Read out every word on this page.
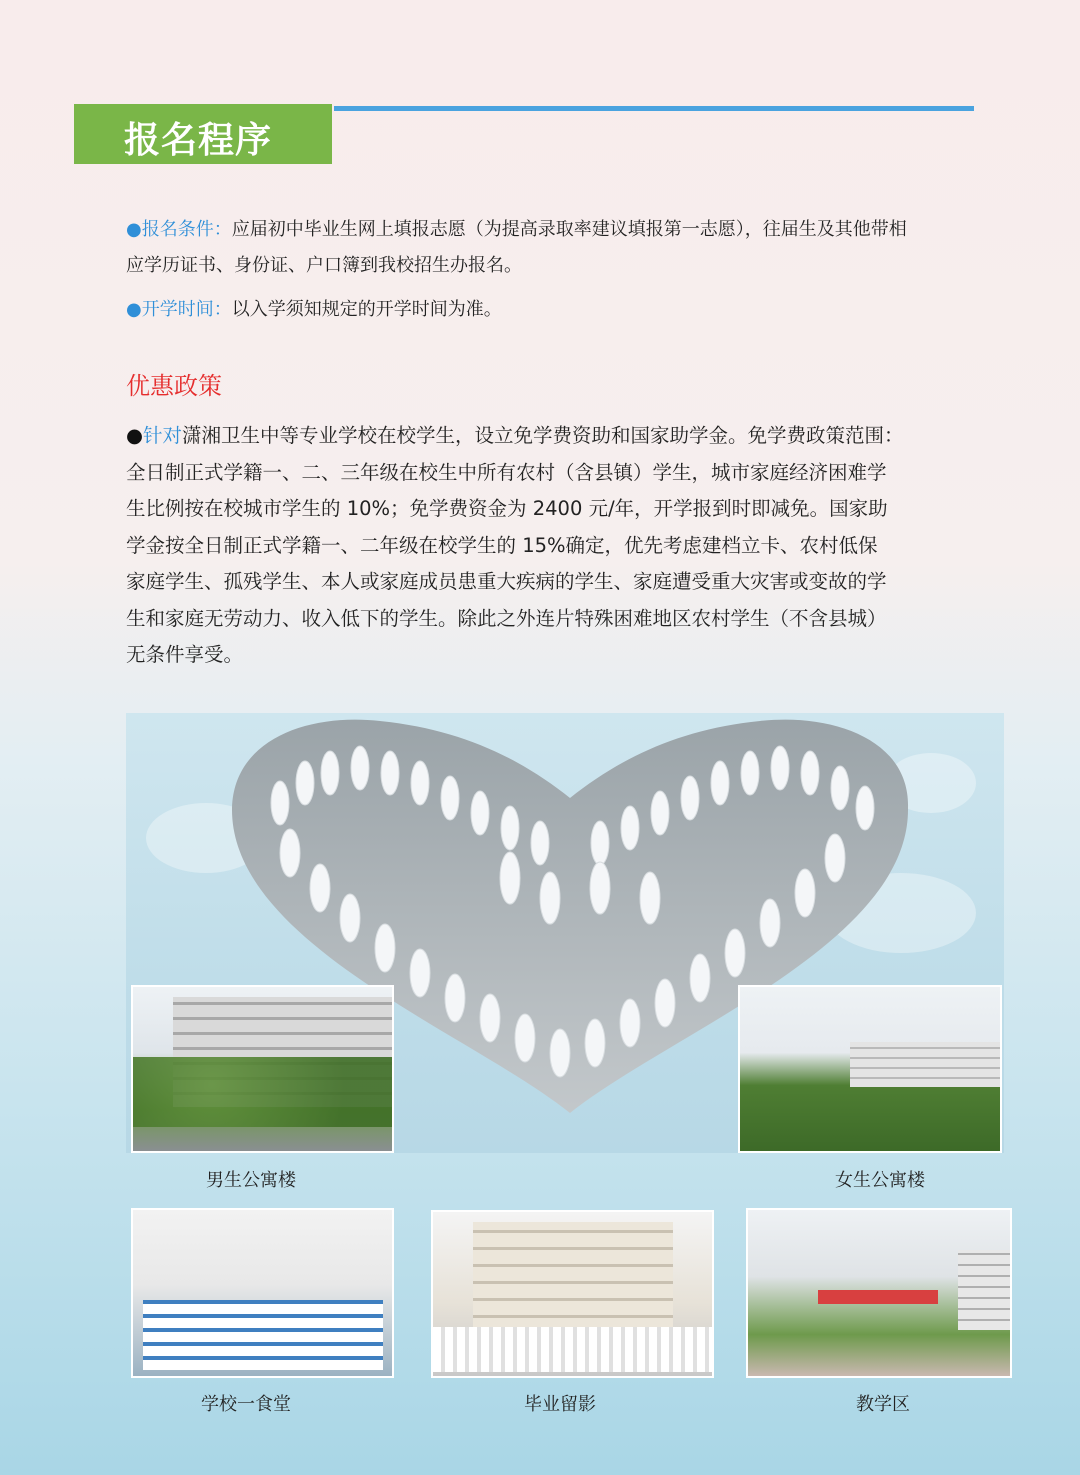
报名程序
●报名条件：应届初中毕业生网上填报志愿（为提高录取率建议填报第一志愿），往届生及其他带相
应学历证书、身份证、户口簿到我校招生办报名。
●开学时间：以入学须知规定的开学时间为准。
优惠政策
●针对潇湘卫生中等专业学校在校学生，设立免学费资助和国家助学金。免学费政策范围：
全日制正式学籍一、二、三年级在校生中所有农村（含县镇）学生，城市家庭经济困难学
生比例按在校城市学生的 10%；免学费资金为 2400 元/年，开学报到时即减免。国家助
学金按全日制正式学籍一、二年级在校学生的 15%确定，优先考虑建档立卡、农村低保
家庭学生、孤残学生、本人或家庭成员患重大疾病的学生、家庭遭受重大灾害或变故的学
生和家庭无劳动力、收入低下的学生。除此之外连片特殊困难地区农村学生（不含县城）
无条件享受。
男生公寓楼	女生公寓楼
学校一食堂	毕业留影	教学区
